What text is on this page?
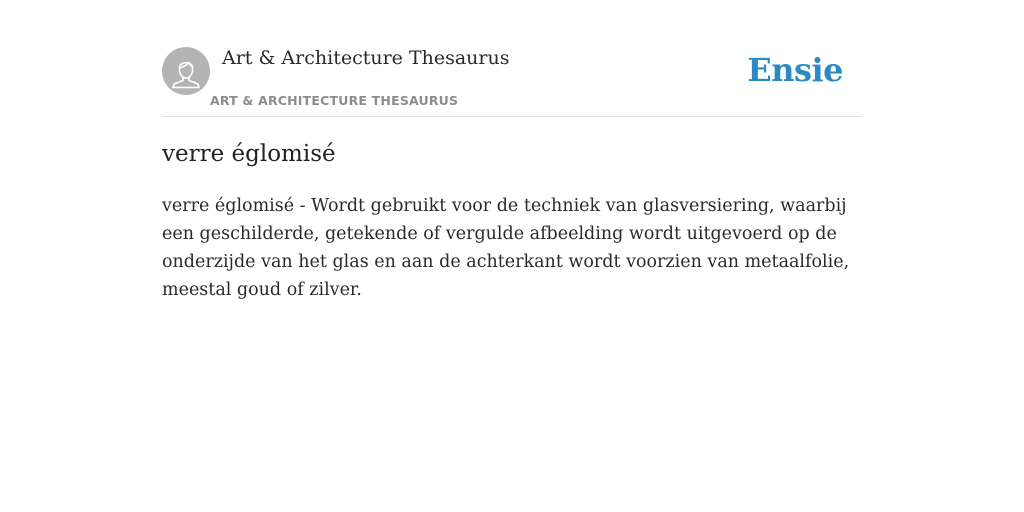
Art & Architecture Thesaurus
ART & ARCHITECTURE THESAURUS
Ensie
verre églomisé

verre églomisé - Wordt gebruikt voor de techniek van glasversiering, waarbij een geschilderde, getekende of vergulde afbeelding wordt uitgevoerd op de onderzijde van het glas en aan de achterkant wordt voorzien van metaalfolie, meestal goud of zilver.
